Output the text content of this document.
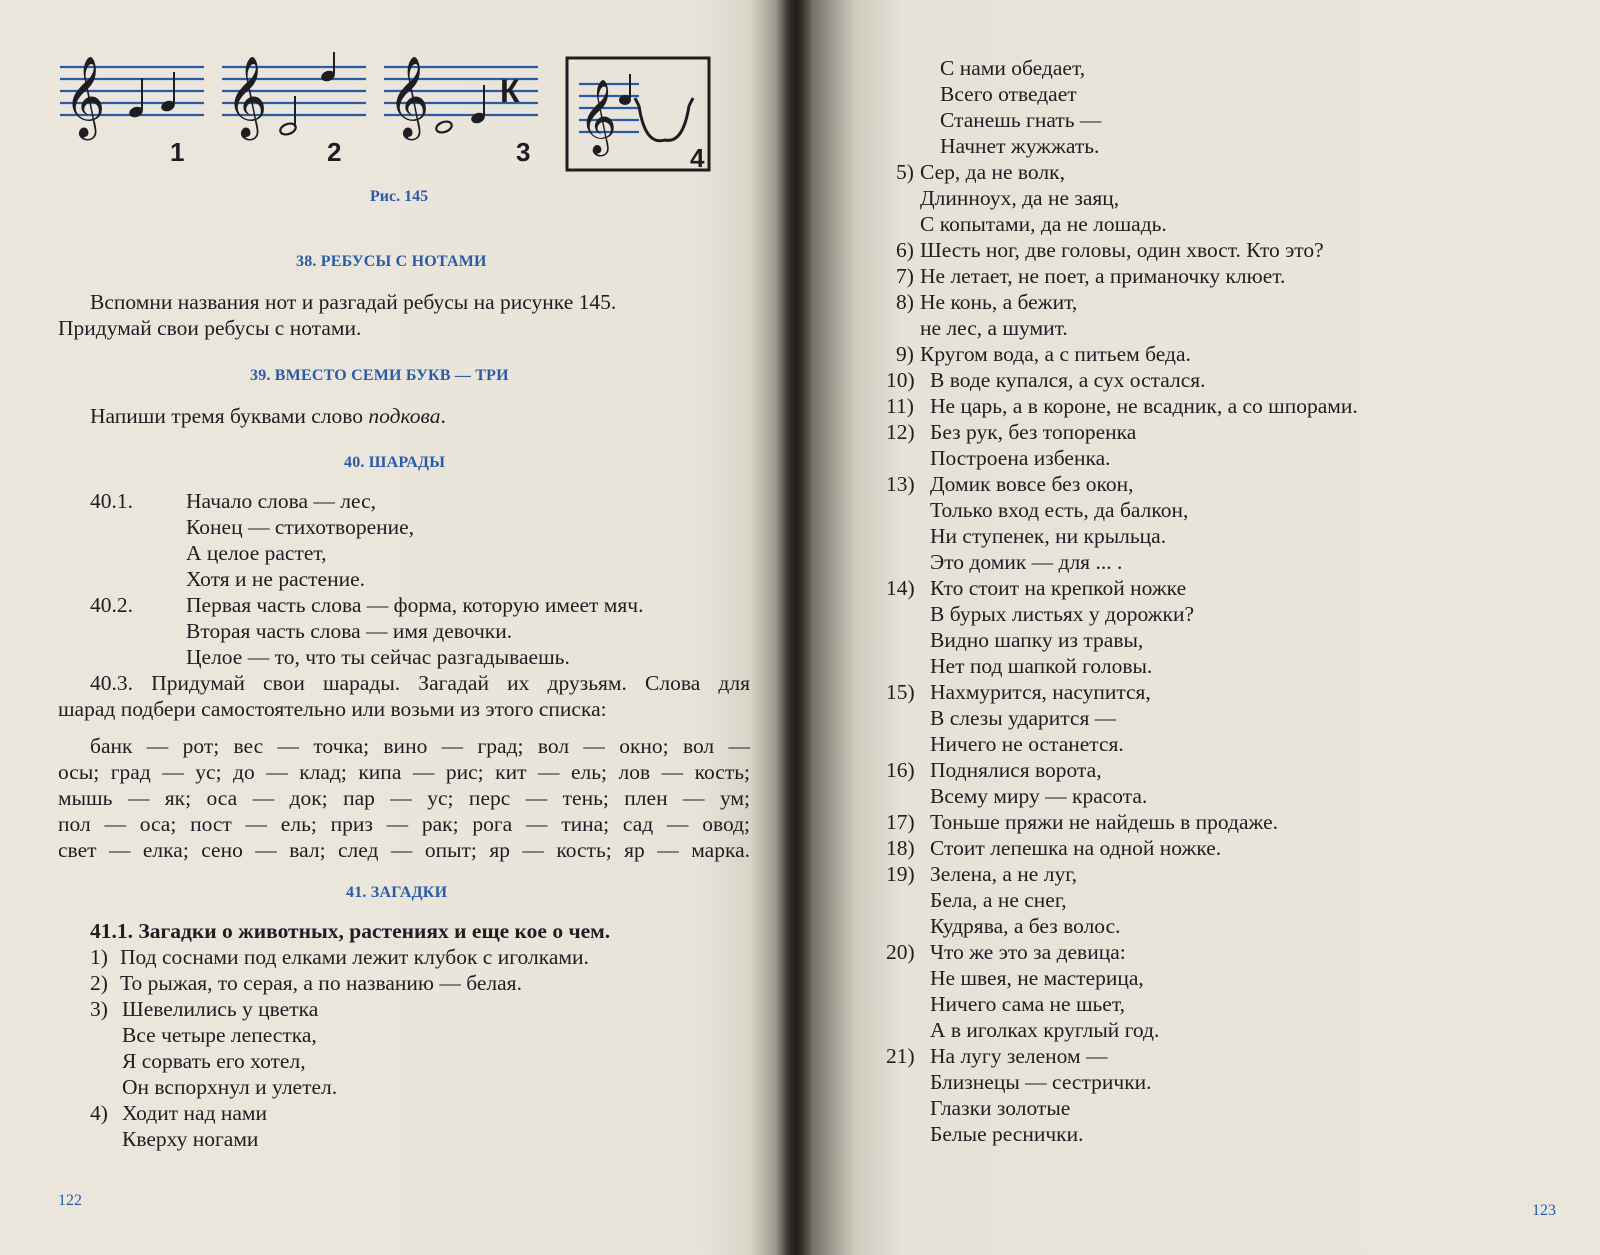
𝄞
1
𝄞
2
𝄞 К
3 𝄞
4
Рис. 145
38. РЕБУСЫ С НОТАМИ
Вспомни названия нот и разгадай ребусы на рисунке 145.
Придумай свои ребусы с нотами.
39. ВМЕСТО СЕМИ БУКВ — ТРИ
Напиши тремя буквами слово подкова.
40. ШАРАДЫ
40.1. Начало слова — лес,
Конец — стихотворение,
А целое растет,
Хотя и не растение.
40.2. Первая часть слова — форма, которую имеет мяч.
Вторая часть слова — имя девочки.
Целое — то, что ты сейчас разгадываешь.
40.3. Придумай свои шарады. Загадай их друзьям. Слова для
шарад подбери самостоятельно или возьми из этого списка:
банк — рот; вес — точка; вино — град; вол — окно; вол —
осы; град — ус; до — клад; кипа — рис; кит — ель; лов — кость;
мышь — як; оса — док; пар — ус; перс — тень; плен — ум;
пол — оса; пост — ель; приз — рак; рога — тина; сад — овод;
свет — елка; сено — вал; след — опыт; яр — кость; яр — марка.
41. ЗАГАДКИ
41.1. Загадки о животных, растениях и еще кое о чем.
1) Под соснами под елками лежит клубок с иголками.
2) То рыжая, то серая, а по названию — белая.
3) Шевелились у цветка
Все четыре лепестка,
Я сорвать его хотел,
Он вспорхнул и улетел.
4) Ходит над нами
Кверху ногами
122
С нами обедает,
Всего отведает
Станешь гнать —
Начнет жужжать.
5) Сер, да не волк,
Длинноух, да не заяц,
С копытами, да не лошадь.
6) Шесть ног, две головы, один хвост. Кто это?
7) Не летает, не поет, а приманочку клюет.
8) Не конь, а бежит,
не лес, а шумит.
9) Кругом вода, а с питьем беда.
10) В воде купался, а сух остался.
11) Не царь, а в короне, не всадник, а со шпорами.
12) Без рук, без топоренка
Построена избенка.
13) Домик вовсе без окон,
Только вход есть, да балкон,
Ни ступенек, ни крыльца.
Это домик — для ... .
14) Кто стоит на крепкой ножке
В бурых листьях у дорожки?
Видно шапку из травы,
Нет под шапкой головы.
15) Нахмурится, насупится,
В слезы ударится —
Ничего не останется.
16) Поднялися ворота,
Всему миру — красота.
17) Тоньше пряжи не найдешь в продаже.
18) Стоит лепешка на одной ножке.
19) Зелена, а не луг,
Бела, а не снег,
Кудрява, а без волос.
20) Что же это за девица:
Не швея, не мастерица,
Ничего сама не шьет,
А в иголках круглый год.
21) На лугу зеленом —
Близнецы — сестрички.
Глазки золотые
Белые реснички.
123
